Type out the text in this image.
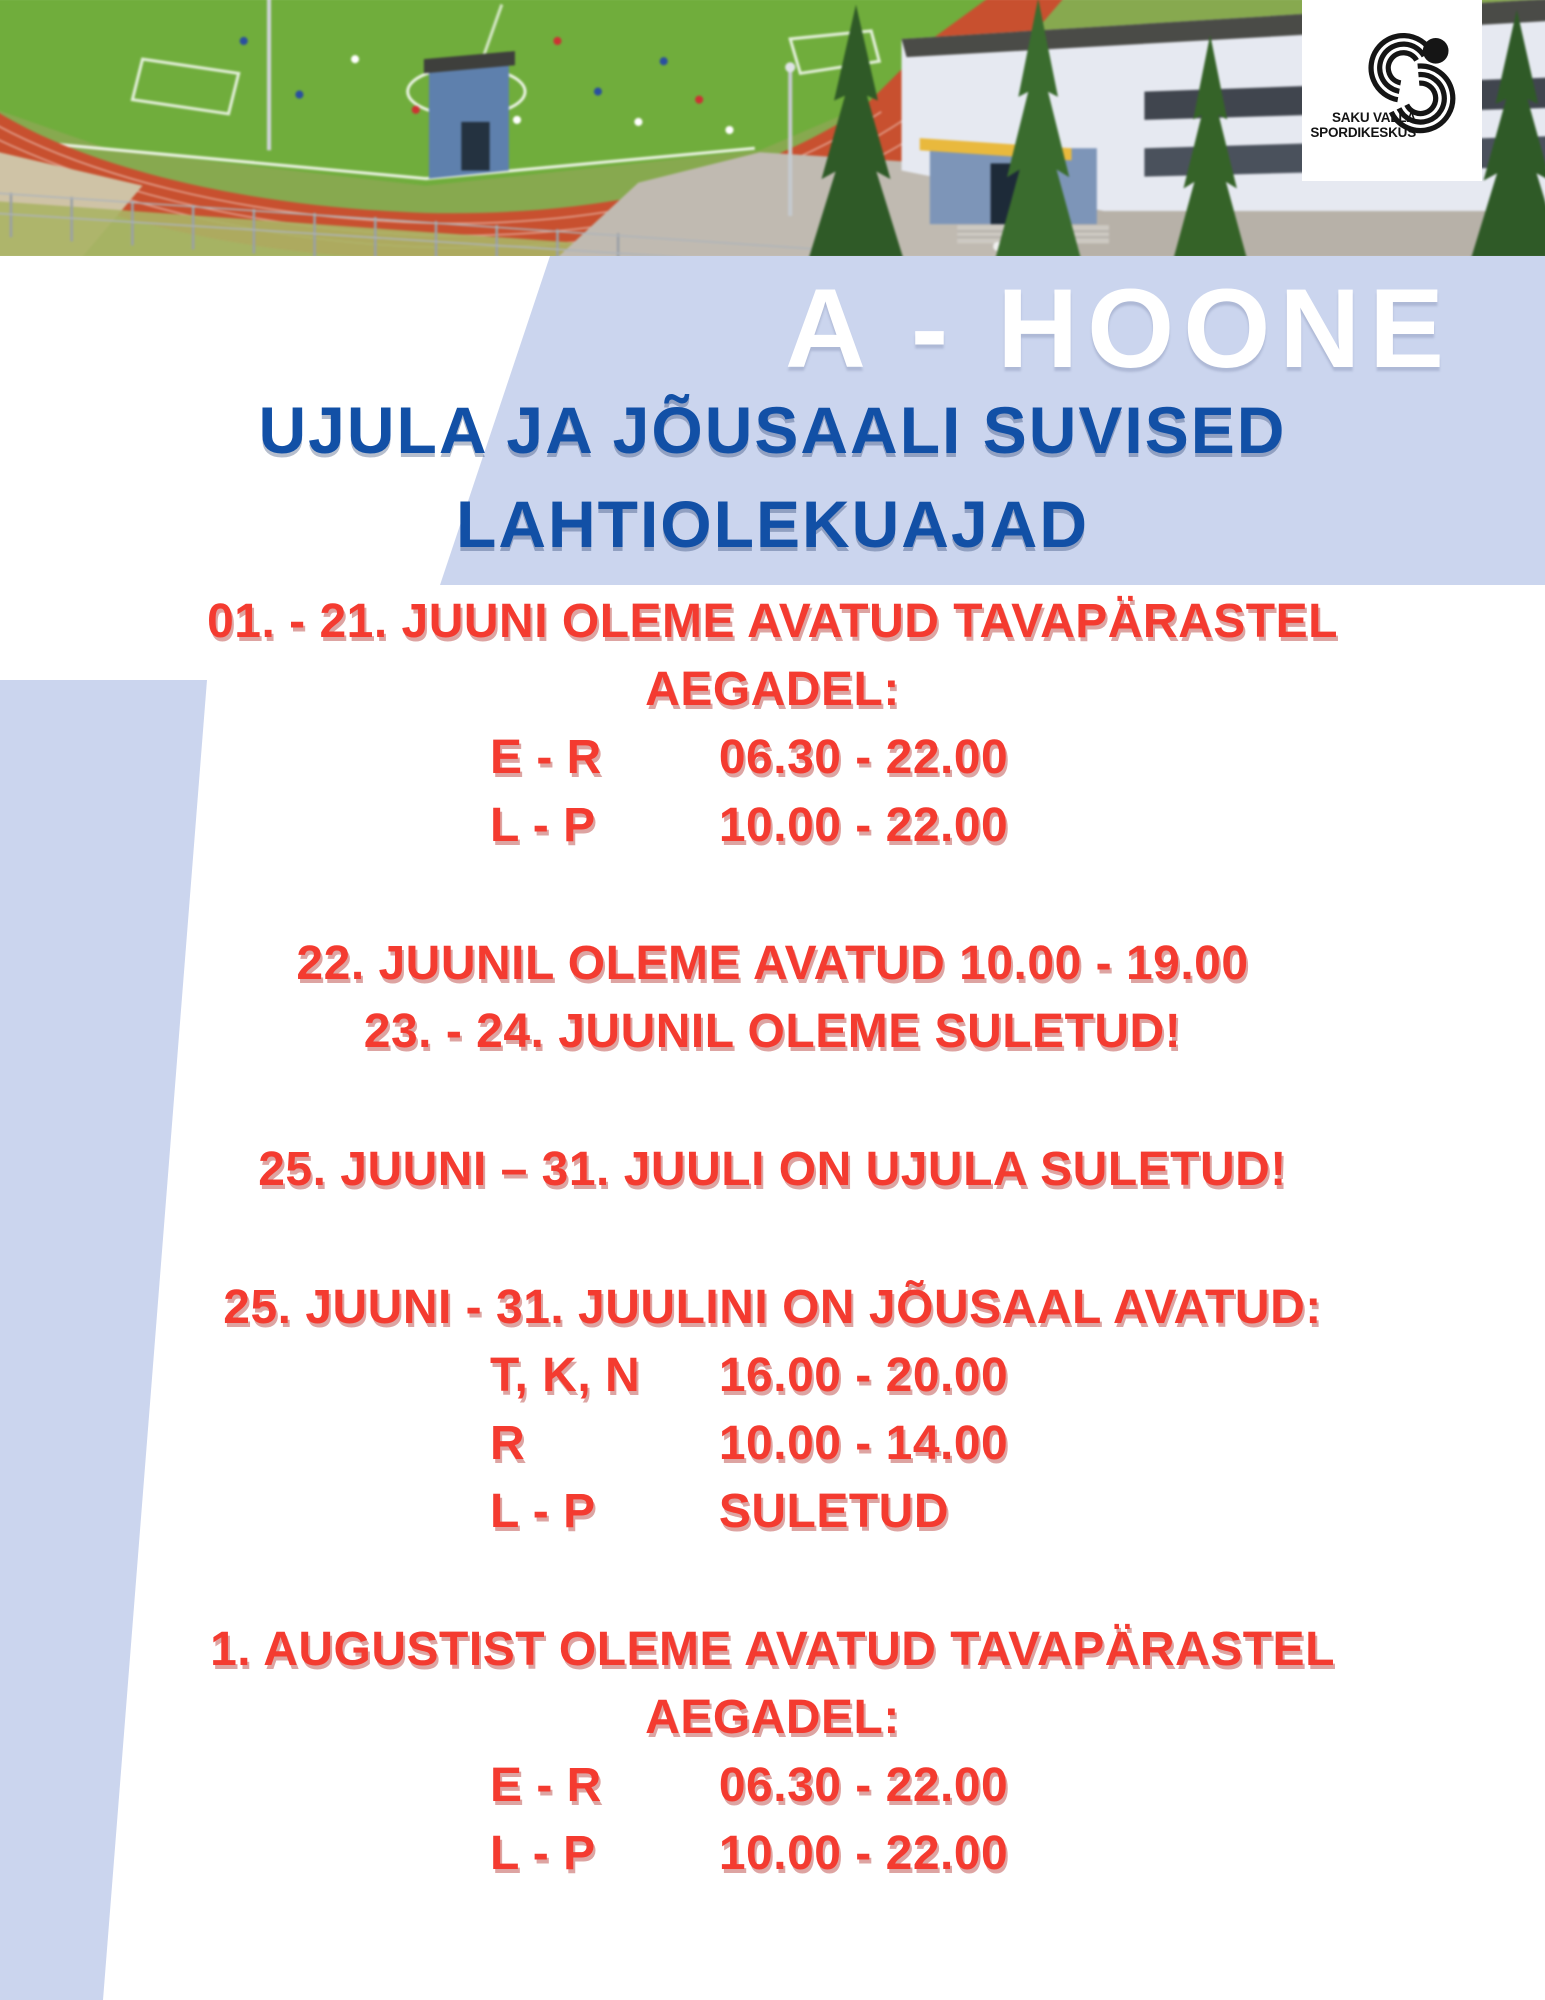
SAKU VALLA
SPORDIKESKUS
A - HOONE
UJULA JA JÕUSAALI SUVISED
LAHTIOLEKUAJAD
01. - 21. JUUNI OLEME AVATUD TAVAPÄRASTEL
AEGADEL:
E - R 06.30 - 22.00
L - P	10.00 - 22.00
22. JUUNIL OLEME AVATUD 10.00 - 19.00
23. - 24. JUUNIL OLEME SULETUD!
25. JUUNI – 31. JUULI ON UJULA SULETUD!
25. JUUNI - 31. JUULINI ON JÕUSAAL AVATUD:
T, K, N 16.00 - 20.00
R	10.00 - 14.00
L - P	SULETUD
1. AUGUSTIST OLEME AVATUD TAVAPÄRASTEL
AEGADEL:
E - R 06.30 - 22.00
L - P	10.00 - 22.00
